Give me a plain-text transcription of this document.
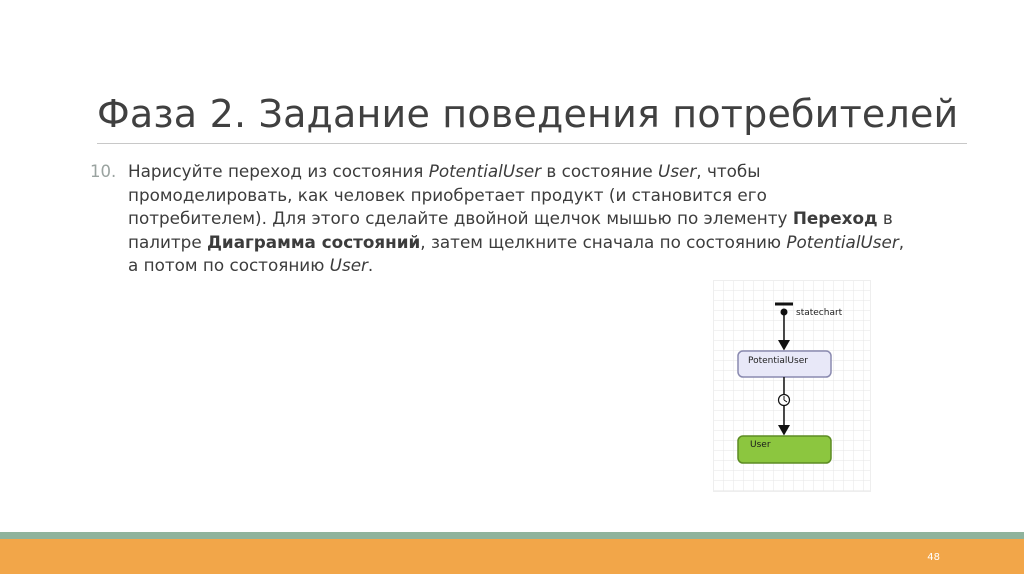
Фаза 2. Задание поведения потребителей
10. Нарисуйте переход из состояния PotentialUser в состояние User, чтобы промоделировать, как человек приобретает продукт (и становится его потребителем). Для этого сделайте двойной щелчок мышью по элементу Переход в палитре Диаграмма состояний, затем щелкните сначала по состоянию PotentialUser, а потом по состоянию User.
statechart
PotentialUser
User
48
